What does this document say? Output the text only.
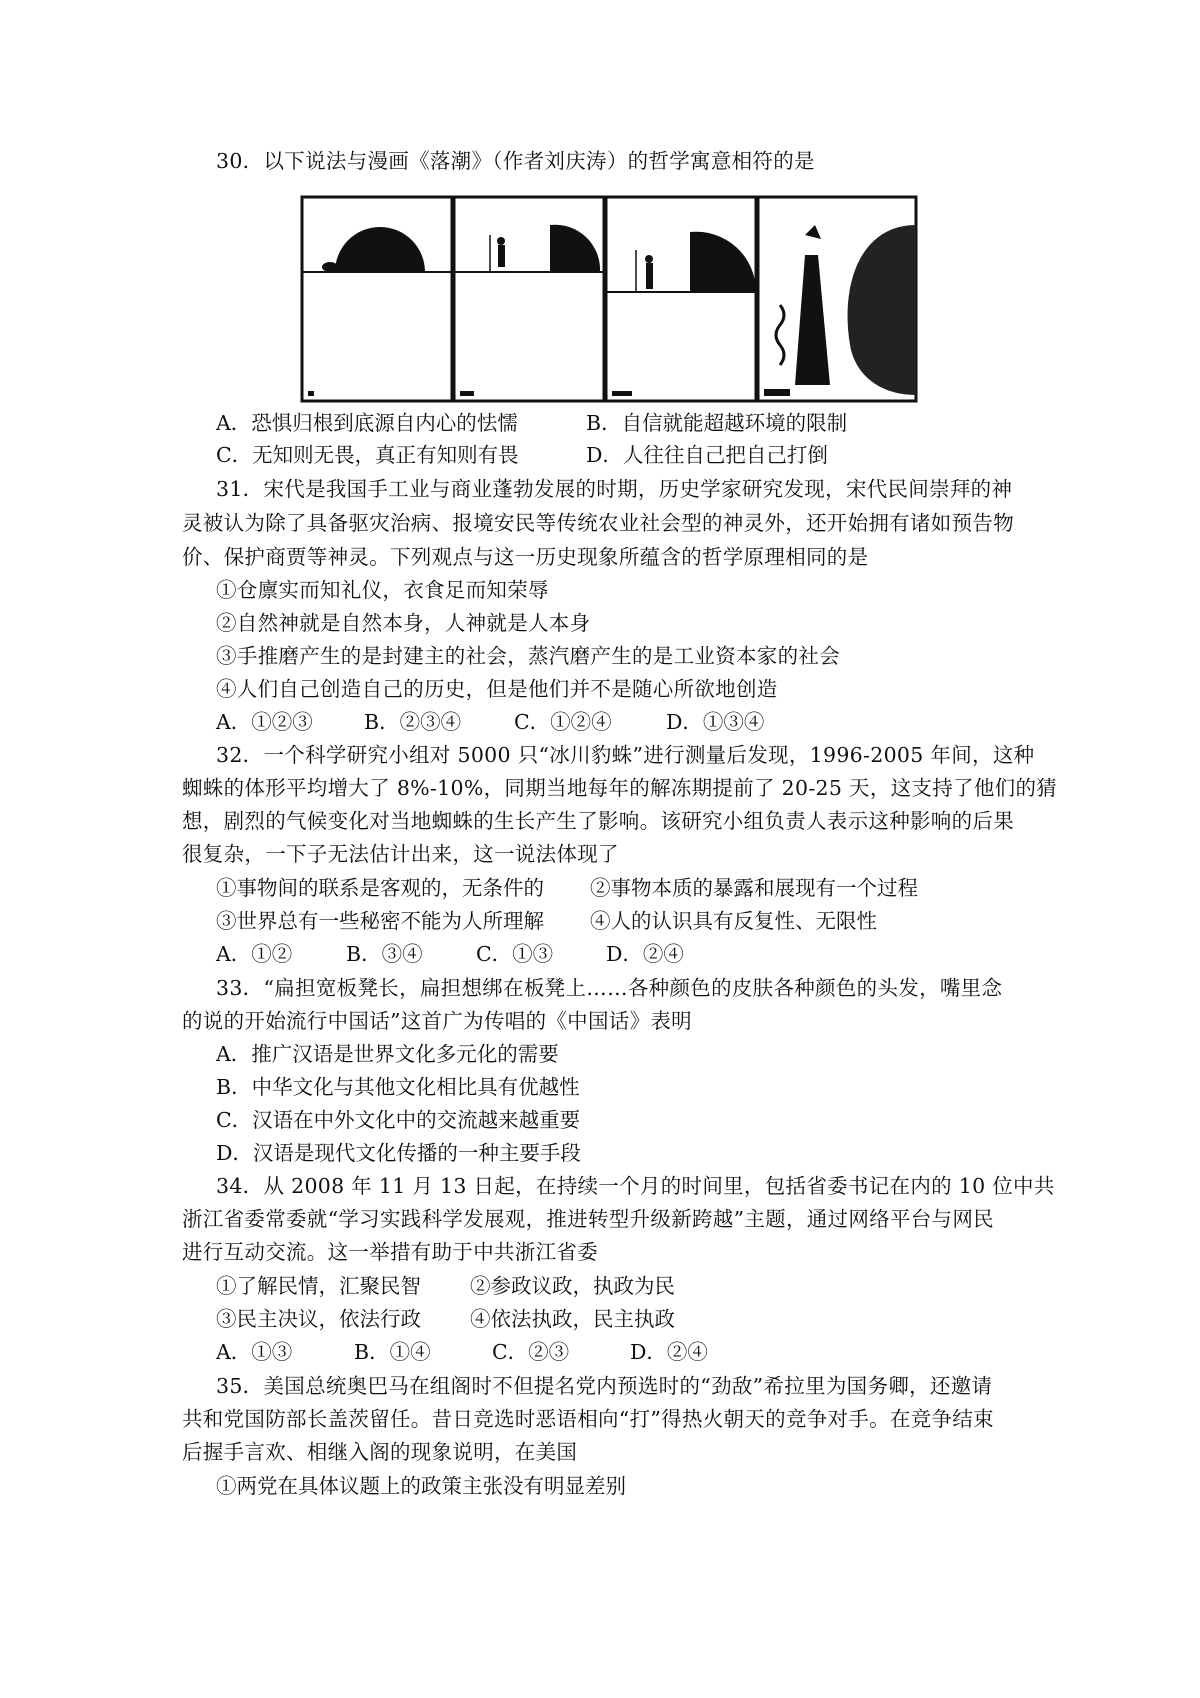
30．以下说法与漫画《落潮》（作者刘庆涛）的哲学寓意相符的是
A．恐惧归根到底源自内心的怯懦	B．自信就能超越环境的限制
C．无知则无畏，真正有知则有畏	D．人往往自己把自己打倒
31．宋代是我国手工业与商业蓬勃发展的时期，历史学家研究发现，宋代民间崇拜的神
灵被认为除了具备驱灾治病、报境安民等传统农业社会型的神灵外，还开始拥有诸如预告物
价、保护商贾等神灵。下列观点与这一历史现象所蕴含的哲学原理相同的是
①仓廪实而知礼仪，衣食足而知荣辱
②自然神就是自然本身，人神就是人本身
③手推磨产生的是封建主的社会，蒸汽磨产生的是工业资本家的社会
④人们自己创造自己的历史，但是他们并不是随心所欲地创造
A．①②③ B．②③④	C．①②④	D．①③④
32．一个科学研究小组对 5000 只“冰川豹蛛”进行测量后发现，1996-2005 年间，这种
蜘蛛的体形平均增大了 8%-10%，同期当地每年的解冻期提前了 20-25 天，这支持了他们的猜
想，剧烈的气候变化对当地蜘蛛的生长产生了影响。该研究小组负责人表示这种影响的后果
很复杂，一下子无法估计出来，这一说法体现了
①事物间的联系是客观的，无条件的 ②事物本质的暴露和展现有一个过程
③世界总有一些秘密不能为人所理解 ④人的认识具有反复性、无限性
A．①②	B．③④	C．①③	D．②④
33．“扁担宽板凳长，扁担想绑在板凳上……各种颜色的皮肤各种颜色的头发，嘴里念
的说的开始流行中国话”这首广为传唱的《中国话》表明
A．推广汉语是世界文化多元化的需要
B．中华文化与其他文化相比具有优越性
C．汉语在中外文化中的交流越来越重要
D．汉语是现代文化传播的一种主要手段
34．从 2008 年 11 月 13 日起，在持续一个月的时间里，包括省委书记在内的 10 位中共
浙江省委常委就“学习实践科学发展观，推进转型升级新跨越”主题，通过网络平台与网民
进行互动交流。这一举措有助于中共浙江省委
①了解民情，汇聚民智 ②参政议政，执政为民
③民主决议，依法行政 ④依法执政，民主执政
A．①③	B．①④	C．②③	D．②④
35．美国总统奥巴马在组阁时不但提名党内预选时的“劲敌”希拉里为国务卿，还邀请
共和党国防部长盖茨留任。昔日竞选时恶语相向“打”得热火朝天的竞争对手。在竞争结束
后握手言欢、相继入阁的现象说明，在美国
①两党在具体议题上的政策主张没有明显差别
